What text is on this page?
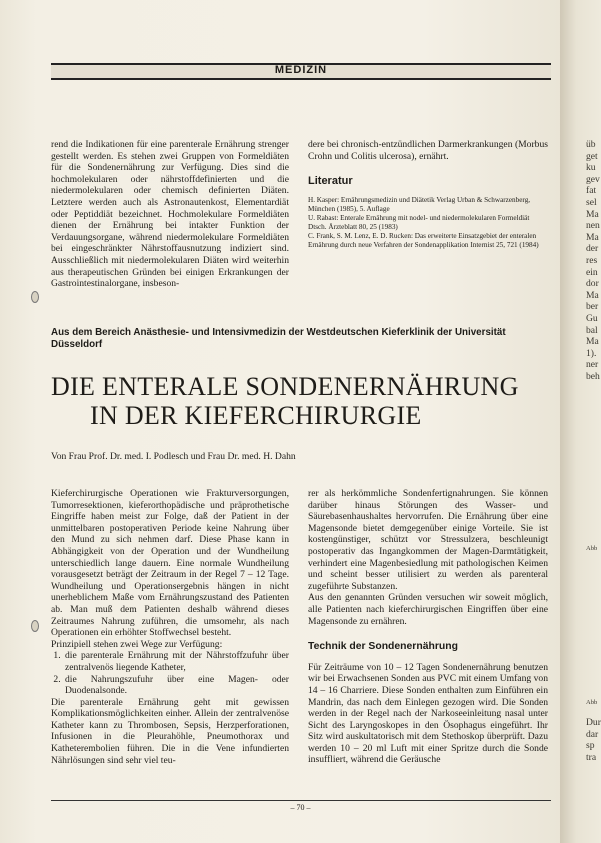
MEDIZIN

rend die Indikationen für eine parenterale Ernährung strenger gestellt werden. Es stehen zwei Gruppen von Formeldiäten für die Sondenernährung zur Verfügung. Dies sind die hochmolekularen oder nährstoffdefinierten und die niedermolekularen oder chemisch definierten Diäten. Letztere werden auch als Astronautenkost, Elementardiät oder Peptiddiät bezeichnet. Hochmolekulare Formeldiäten dienen der Ernährung bei intakter Funktion der Verdauungsorgane, während niedermolekulare Formeldiäten bei eingeschränkter Nährstoffausnutzung indiziert sind. Ausschließlich mit niedermolekularen Diäten wird weiterhin aus therapeutischen Gründen bei einigen Erkrankungen der Gastrointestinalorgane, insbeson-

dere bei chronisch-entzündlichen Darmerkrankungen (Morbus Crohn und Colitis ulcerosa), ernährt.

Literatur

H. Kasper: Ernährungsmedizin und Diätetik Verlag Urban & Schwarzenberg, München (1985), 5. Auflage

U. Rabast: Enterale Ernährung mit nodel- und niedermolekularen Formeldiät Dtsch. Ärzteblatt 80, 25 (1983)

C. Frank, S. M. Lenz, E. D. Rucken: Das erweiterte Einsatzgebiet der enteralen Ernährung durch neue Verfahren der Sondenapplikation Internist 25, 721 (1984)

Aus dem Bereich Anästhesie- und Intensivmedizin der Westdeutschen Kieferklinik der Universität Düsseldorf
DIE ENTERALE SONDENERNÄHRUNG
IN DER KIEFERCHIRURGIE
Von Frau Prof. Dr. med. I. Podlesch und Frau Dr. med. H. Dahn

Kieferchirurgische Operationen wie Frakturversorgungen, Tumorresektionen, kieferorthopädische und präprothetische Eingriffe haben meist zur Folge, daß der Patient in der unmittelbaren postoperativen Periode keine Nahrung über den Mund zu sich nehmen darf. Diese Phase kann in Abhängigkeit von der Operation und der Wundheilung unterschiedlich lange dauern. Eine normale Wundheilung vorausgesetzt beträgt der Zeitraum in der Regel 7 – 12 Tage. Wundheilung und Operationsergebnis hängen in nicht unerheblichem Maße vom Ernährungszustand des Patienten ab. Man muß dem Patienten deshalb während dieses Zeitraumes Nahrung zuführen, die umsomehr, als nach Operationen ein erhöhter Stoffwechsel besteht.

Prinzipiell stehen zwei Wege zur Verfügung:

1. die parenterale Ernährung mit der Nährstoffzufuhr über zentralvenös liegende Katheter,
2. die Nahrungszufuhr über eine Magen- oder Duodenalsonde.

Die parenterale Ernährung geht mit gewissen Komplikationsmöglichkeiten einher. Allein der zentralvenöse Katheter kann zu Thrombosen, Sepsis, Herzperforationen, Infusionen in die Pleurahöhle, Pneumothorax und Katheterembolien führen. Die in die Vene infundierten Nährlösungen sind sehr viel teu-

rer als herkömmliche Sondenfertignahrungen. Sie können darüber hinaus Störungen des Wasser- und Säurebasenhaushaltes hervorrufen. Die Ernährung über eine Magensonde bietet demgegenüber einige Vorteile. Sie ist kostengünstiger, schützt vor Stressulzera, beschleunigt postoperativ das Ingangkommen der Magen-Darmtätigkeit, verhindert eine Magenbesiedlung mit pathologischen Keimen und scheint besser utilisiert zu werden als parenteral zugeführte Substanzen.

Aus den genannten Gründen versuchen wir soweit möglich, alle Patienten nach kieferchirurgischen Eingriffen über eine Magensonde zu ernähren.

Technik der Sondenernährung

Für Zeiträume von 10 – 12 Tagen Sondenernährung benutzen wir bei Erwachsenen Sonden aus PVC mit einem Umfang von 14 – 16 Charriere. Diese Sonden enthalten zum Einführen ein Mandrin, das nach dem Einlegen gezogen wird. Die Sonden werden in der Regel nach der Narkoseeinleitung nasal unter Sicht des Laryngoskopes in den Ösophagus eingeführt. Ihr Sitz wird auskultatorisch mit dem Stethoskop überprüft. Dazu werden 10 – 20 ml Luft mit einer Spritze durch die Sonde insuffliert, während die Geräusche

– 70 –
üb
get
ku
gev
fat
sel
Ma
nen
Ma
der
res
ein
dor
Ma
ber
Gu
bal
Ma
1).
ner
beh
Abb
Abb
Dur
dar
sp
tra
